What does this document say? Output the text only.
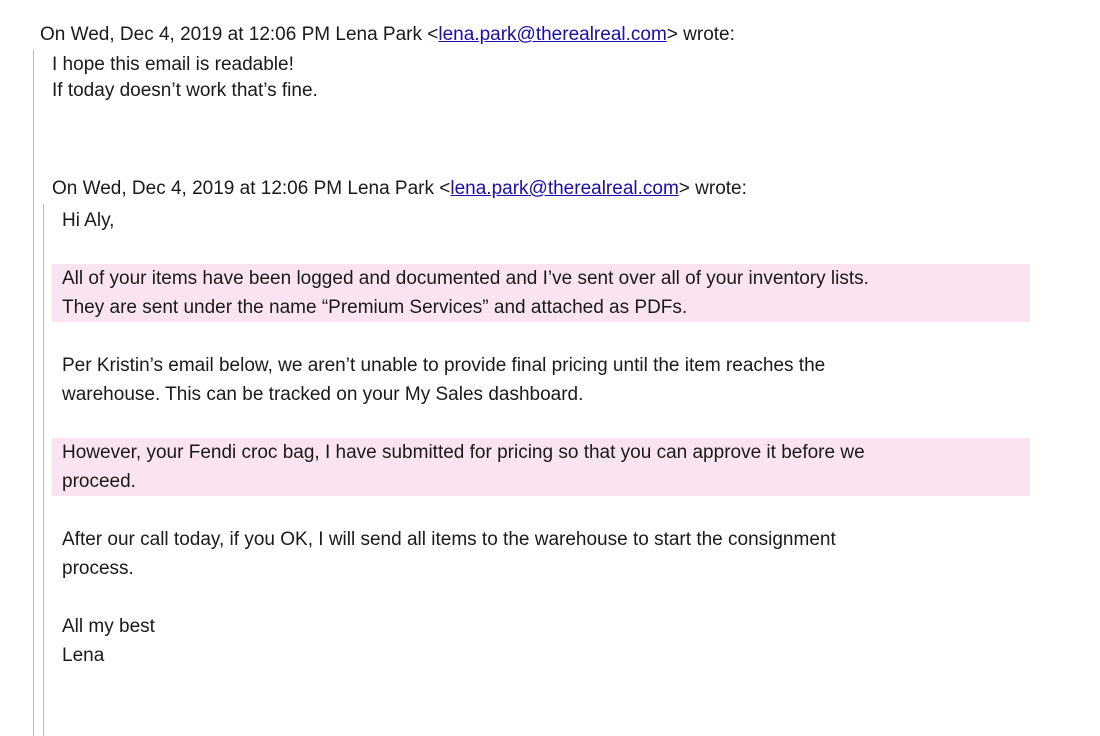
On Wed, Dec 4, 2019 at 12:06 PM Lena Park <lena.park@therealreal.com> wrote:
I hope this email is readable!
If today doesn’t work that’s fine.
On Wed, Dec 4, 2019 at 12:06 PM Lena Park <lena.park@therealreal.com> wrote:
Hi Aly,
All of your items have been logged and documented and I’ve sent over all of your inventory lists.
They are sent under the name “Premium Services” and attached as PDFs.
Per Kristin’s email below, we aren’t unable to provide final pricing until the item reaches the
warehouse. This can be tracked on your My Sales dashboard.
However, your Fendi croc bag, I have submitted for pricing so that you can approve it before we
proceed.
After our call today, if you OK, I will send all items to the warehouse to start the consignment
process.
All my best
Lena
